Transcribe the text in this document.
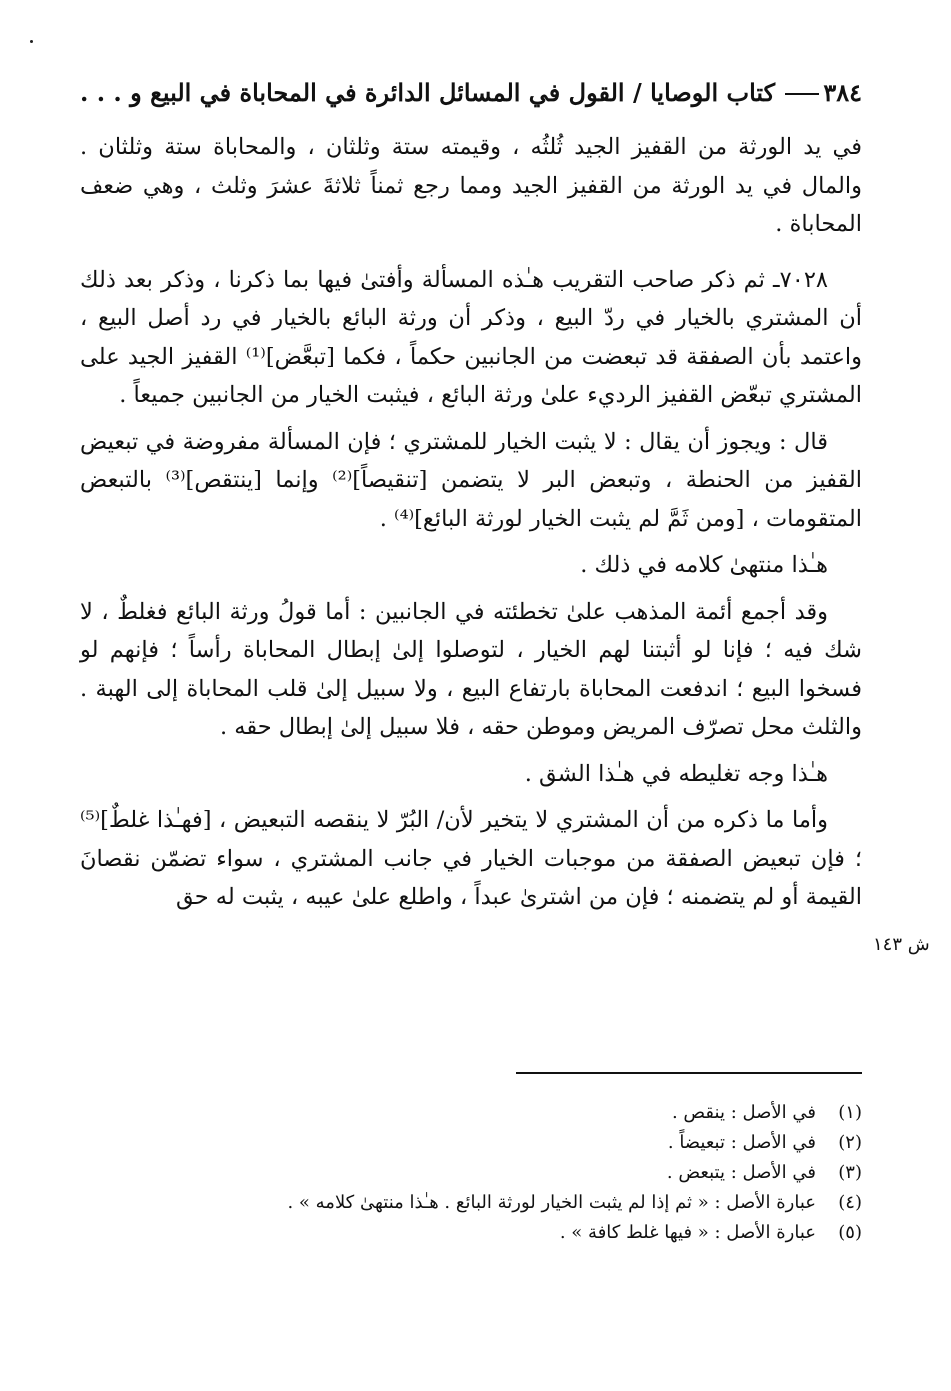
٣٨٤
كتاب الوصايا / القول في المسائل الدائرة في المحاباة في البيع و . . .

في يد الورثة من القفيز الجيد ثُلثُه ، وقيمته ستة وثلثان ، والمحاباة ستة وثلثان . والمال في يد الورثة من القفيز الجيد ومما رجع ثمناً ثلاثةَ عشرَ وثلث ، وهي ضعف المحاباة .

٧٠٢٨ـ ثم ذكر صاحب التقريب هـٰذه المسألة وأفتىٰ فيها بما ذكرنا ، وذكر بعد ذلك أن المشتري بالخيار في ردّ البيع ، وذكر أن ورثة البائع بالخيار في رد أصل البيع ، واعتمد بأن الصفقة قد تبعضت من الجانبين حكماً ، فكما [تبعَّض]⁽¹⁾ القفيز الجيد على المشتري تبعّض القفيز الرديء علىٰ ورثة البائع ، فيثبت الخيار من الجانبين جميعاً .

قال : ويجوز أن يقال : لا يثبت الخيار للمشتري ؛ فإن المسألة مفروضة في تبعيض القفيز من الحنطة ، وتبعض البر لا يتضمن [تنقيصاً]⁽²⁾ وإنما [ينتقص]⁽³⁾ بالتبعض المتقومات ، [ومن ثَمَّ لم يثبت الخيار لورثة البائع]⁽⁴⁾ .

هـٰذا منتهىٰ كلامه في ذلك .

وقد أجمع أئمة المذهب علىٰ تخطئته في الجانبين : أما قولُ ورثة البائع فغلطٌ ، لا شك فيه ؛ فإنا لو أثبتنا لهم الخيار ، لتوصلوا إلىٰ إبطال المحاباة رأساً ؛ فإنهم لو فسخوا البيع ؛ اندفعت المحاباة بارتفاع البيع ، ولا سبيل إلىٰ قلب المحاباة إلى الهبة . والثلث محل تصرّف المريض وموطن حقه ، فلا سبيل إلىٰ إبطال حقه .

هـٰذا وجه تغليطه في هـٰذا الشق .

وأما ما ذكره من أن المشتري لا يتخير لأن/ البُرّ لا ينقصه التبعيض ، [فهـٰذا غلطٌ]⁽⁵⁾ ؛ فإن تبعيض الصفقة من موجبات الخيار في جانب المشتري ، سواء تضمّن نقصانَ القيمة أو لم يتضمنه ؛ فإن من اشترىٰ عبداً ، واطلع علىٰ عيبه ، يثبت له حق

ش ١٤٣
(١)
في الأصل : ينقص .
(٢)
في الأصل : تبعيضاً .
(٣)
في الأصل : يتبعض .
(٤)
عبارة الأصل : « ثم إذا لم يثبت الخيار لورثة البائع . هـٰذا منتهىٰ كلامه » .
(٥)
عبارة الأصل : « فيها غلط كافة » .
